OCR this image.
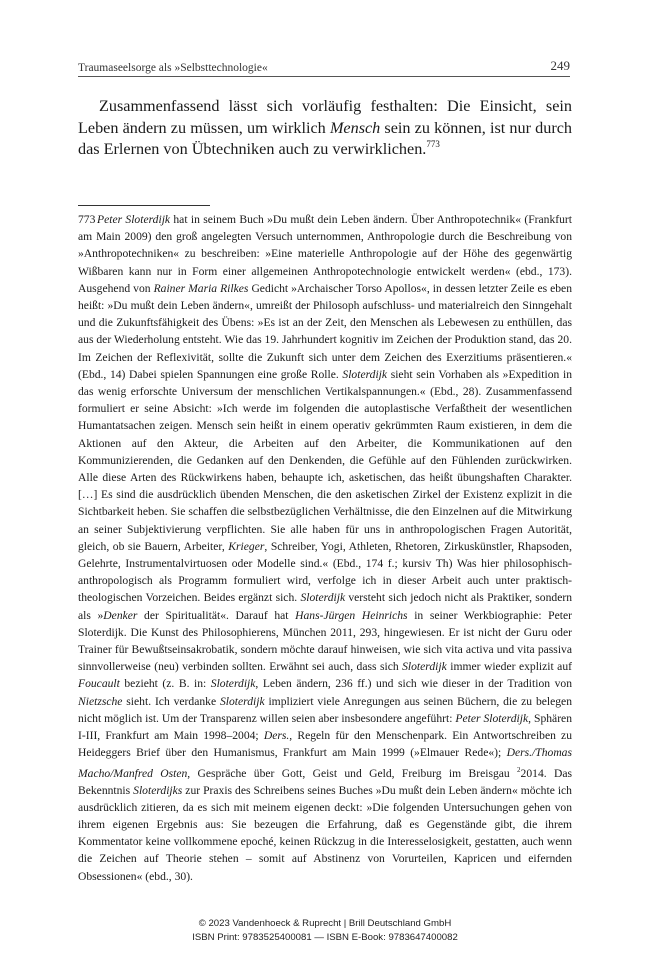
Traumaseelsorge als »Selbsttechnologie«	249

Zusammenfassend lässt sich vorläufig festhalten: Die Einsicht, sein Leben ändern zu müssen, um wirklich Mensch sein zu können, ist nur durch das Erlernen von Übtechniken auch zu verwirklichen.$^{773}$

773 Peter Sloterdijk hat in seinem Buch »Du mußt dein Leben ändern. Über Anthropotechnik« (Frankfurt am Main 2009) den groß angelegten Versuch unternommen, Anthropologie durch die Beschreibung von »Anthropotechniken« zu beschreiben: »Eine materielle Anthropologie auf der Höhe des gegenwärtig Wißbaren kann nur in Form einer allgemeinen Anthropotechnologie entwickelt werden« (ebd., 173). Ausgehend von Rainer Maria Rilkes Gedicht »Archaischer Torso Apollos«, in dessen letzter Zeile es eben heißt: »Du mußt dein Leben ändern«, umreißt der Philosoph aufschluss- und materialreich den Sinngehalt und die Zukunftsfähigkeit des Übens: »Es ist an der Zeit, den Menschen als Lebewesen zu enthüllen, das aus der Wiederholung entsteht. Wie das 19. Jahrhundert kognitiv im Zeichen der Produktion stand, das 20. Im Zeichen der Reflexivität, sollte die Zukunft sich unter dem Zeichen des Exerzitiums präsentieren.« (Ebd., 14) Dabei spielen Spannungen eine große Rolle. Sloterdijk sieht sein Vorhaben als »Expedition in das wenig erforschte Universum der menschlichen Vertikalspannungen.« (Ebd., 28). Zusammenfassend formuliert er seine Absicht: »Ich werde im folgenden die autoplastische Verfaßtheit der wesentlichen Humantatsachen zeigen. Mensch sein heißt in einem operativ gekrümmten Raum existieren, in dem die Aktionen auf den Akteur, die Arbeiten auf den Arbeiter, die Kommunikationen auf den Kommunizierenden, die Gedanken auf den Denkenden, die Gefühle auf den Fühlenden zurückwirken. Alle diese Arten des Rückwirkens haben, behaupte ich, asketischen, das heißt übungshaften Charakter. […] Es sind die ausdrücklich übenden Menschen, die den asketischen Zirkel der Existenz explizit in die Sichtbarkeit heben. Sie schaffen die selbstbezüglichen Verhältnisse, die den Einzelnen auf die Mitwirkung an seiner Subjektivierung verpflichten. Sie alle haben für uns in anthropologischen Fragen Autorität, gleich, ob sie Bauern, Arbeiter, Krieger, Schreiber, Yogi, Athleten, Rhetoren, Zirkuskünstler, Rhapsoden, Gelehrte, Instrumentalvirtuosen oder Modelle sind.« (Ebd., 174 f.; kursiv Th) Was hier philosophisch-anthropologisch als Programm formuliert wird, verfolge ich in dieser Arbeit auch unter praktisch-theologischen Vorzeichen. Beides ergänzt sich. Sloterdijk versteht sich jedoch nicht als Praktiker, sondern als »Denker der Spiritualität«. Darauf hat Hans-Jürgen Heinrichs in seiner Werkbiographie: Peter Sloterdijk. Die Kunst des Philosophierens, München 2011, 293, hingewiesen. Er ist nicht der Guru oder Trainer für Bewußtseinsakrobatik, sondern möchte darauf hinweisen, wie sich vita activa und vita passiva sinnvollerweise (neu) verbinden sollten. Erwähnt sei auch, dass sich Sloterdijk immer wieder explizit auf Foucault bezieht (z. B. in: Sloterdijk, Leben ändern, 236 ff.) und sich wie dieser in der Tradition von Nietzsche sieht. Ich verdanke Sloterdijk impliziert viele Anregungen aus seinen Büchern, die zu belegen nicht möglich ist. Um der Transparenz willen seien aber insbesondere angeführt: Peter Sloterdijk, Sphären I-III, Frankfurt am Main 1998–2004; Ders., Regeln für den Menschenpark. Ein Antwortschreiben zu Heideggers Brief über den Humanismus, Frankfurt am Main 1999 (»Elmauer Rede«); Ders./Thomas Macho/Manfred Osten, Gespräche über Gott, Geist und Geld, Freiburg im Breisgau $^2$2014. Das Bekenntnis Sloterdijks zur Praxis des Schreibens seines Buches »Du mußt dein Leben ändern« möchte ich ausdrücklich zitieren, da es sich mit meinem eigenen deckt: »Die folgenden Untersuchungen gehen von ihrem eigenen Ergebnis aus: Sie bezeugen die Erfahrung, daß es Gegenstände gibt, die ihrem Kommentator keine vollkommene epoché, keinen Rückzug in die Interesselosigkeit, gestatten, auch wenn die Zeichen auf Theorie stehen – somit auf Abstinenz von Vorurteilen, Kapricen und eifernden Obsessionen« (ebd., 30).

© 2023 Vandenhoeck & Ruprecht | Brill Deutschland GmbH
ISBN Print: 9783525400081 — ISBN E-Book: 9783647400082
